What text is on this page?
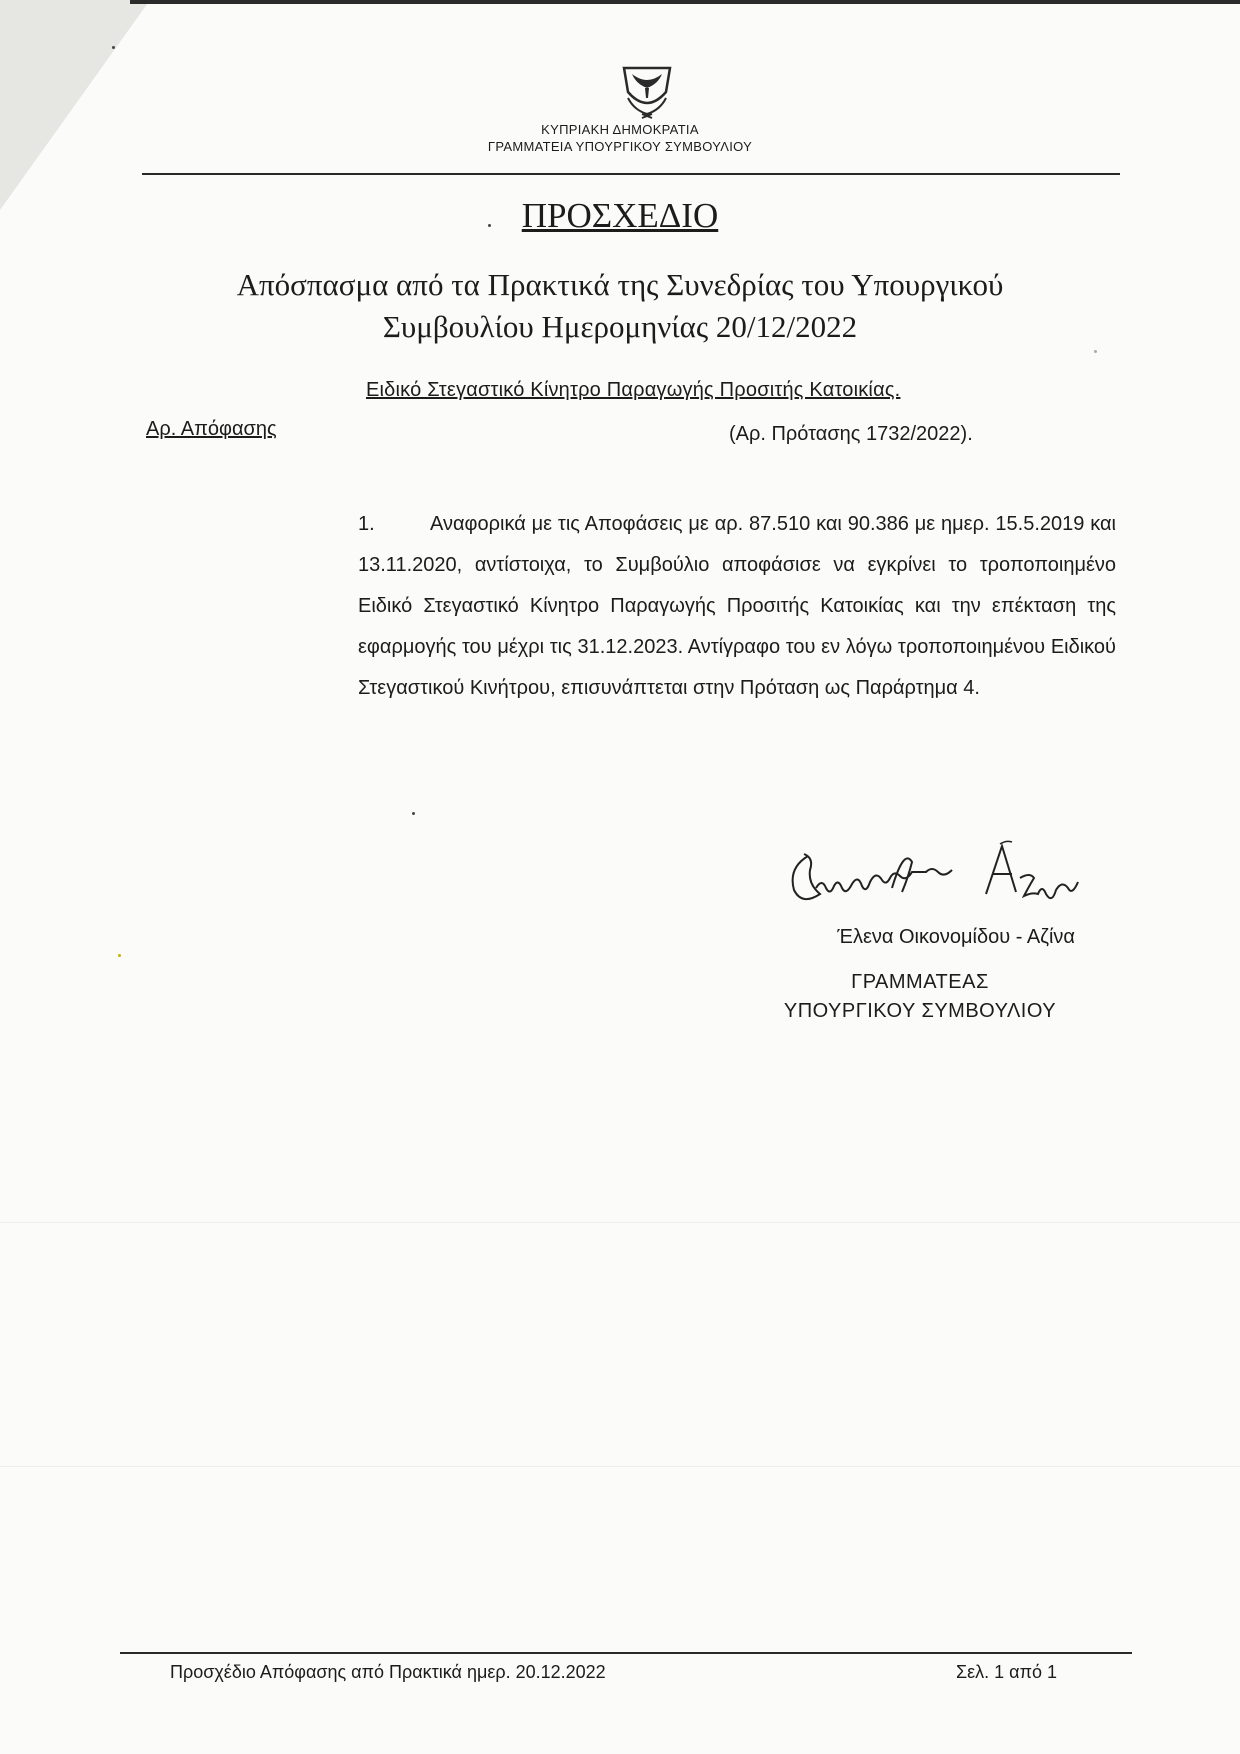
ΚΥΠΡΙΑΚΗ ΔΗΜΟΚΡΑΤΙΑ
ΓΡΑΜΜΑΤΕΙΑ ΥΠΟΥΡΓΙΚΟΥ ΣΥΜΒΟΥΛΙΟΥ
ΠΡΟΣΧΕΔΙΟ
Απόσπασμα από τα Πρακτικά της Συνεδρίας του Υπουργικού
Συμβουλίου Ημερομηνίας 20/12/2022
Ειδικό Στεγαστικό Κίνητρο Παραγωγής Προσιτής Κατοικίας.
Αρ. Απόφασης	(Αρ. Πρότασης 1732/2022).
1.	Αναφορικά με τις Αποφάσεις με αρ. 87.510 και 90.386 με ημερ. 15.5.2019 και 13.11.2020, αντίστοιχα, το Συμβούλιο αποφάσισε να εγκρίνει το τροποποιημένο Ειδικό Στεγαστικό Κίνητρο Παραγωγής Προσιτής Κατοικίας και την επέκταση της εφαρμογής του μέχρι τις 31.12.2023. Αντίγραφο του εν λόγω τροποποιημένου Ειδικού Στεγαστικού Κινήτρου, επισυνάπτεται στην Πρόταση ως Παράρτημα 4.
Έλενα Οικονομίδου - Αζίνα
ΓΡΑΜΜΑΤΕΑΣ
ΥΠΟΥΡΓΙΚΟΥ ΣΥΜΒΟΥΛΙΟΥ
Προσχέδιο Απόφασης από Πρακτικά ημερ. 20.12.2022	Σελ. 1 από 1
